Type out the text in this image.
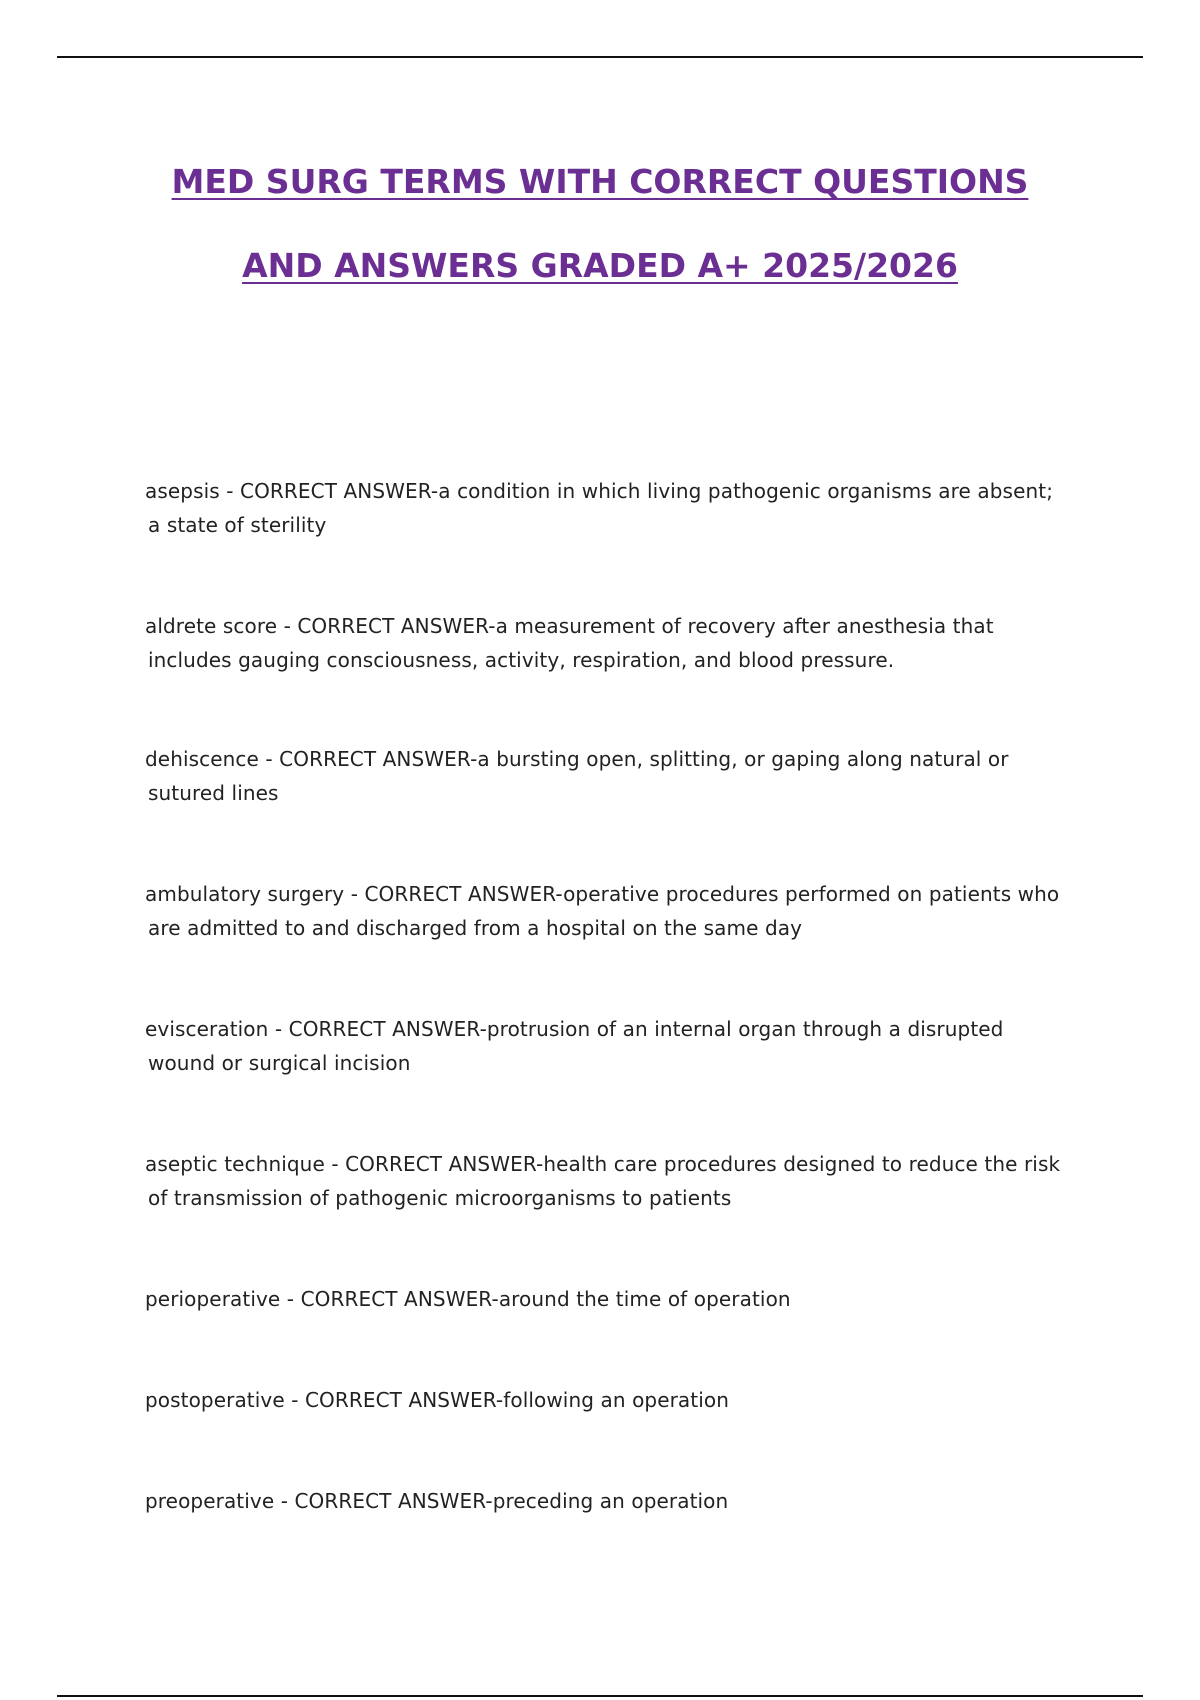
MED SURG TERMS WITH CORRECT QUESTIONS
AND ANSWERS GRADED A+ 2025/2026
asepsis - CORRECT ANSWER-a condition in which living pathogenic organisms are absent;
a state of sterility
aldrete score - CORRECT ANSWER-a measurement of recovery after anesthesia that
includes gauging consciousness, activity, respiration, and blood pressure.
dehiscence - CORRECT ANSWER-a bursting open, splitting, or gaping along natural or
sutured lines
ambulatory surgery - CORRECT ANSWER-operative procedures performed on patients who
are admitted to and discharged from a hospital on the same day
evisceration - CORRECT ANSWER-protrusion of an internal organ through a disrupted
wound or surgical incision
aseptic technique - CORRECT ANSWER-health care procedures designed to reduce the risk
of transmission of pathogenic microorganisms to patients
perioperative - CORRECT ANSWER-around the time of operation
postoperative - CORRECT ANSWER-following an operation
preoperative - CORRECT ANSWER-preceding an operation
